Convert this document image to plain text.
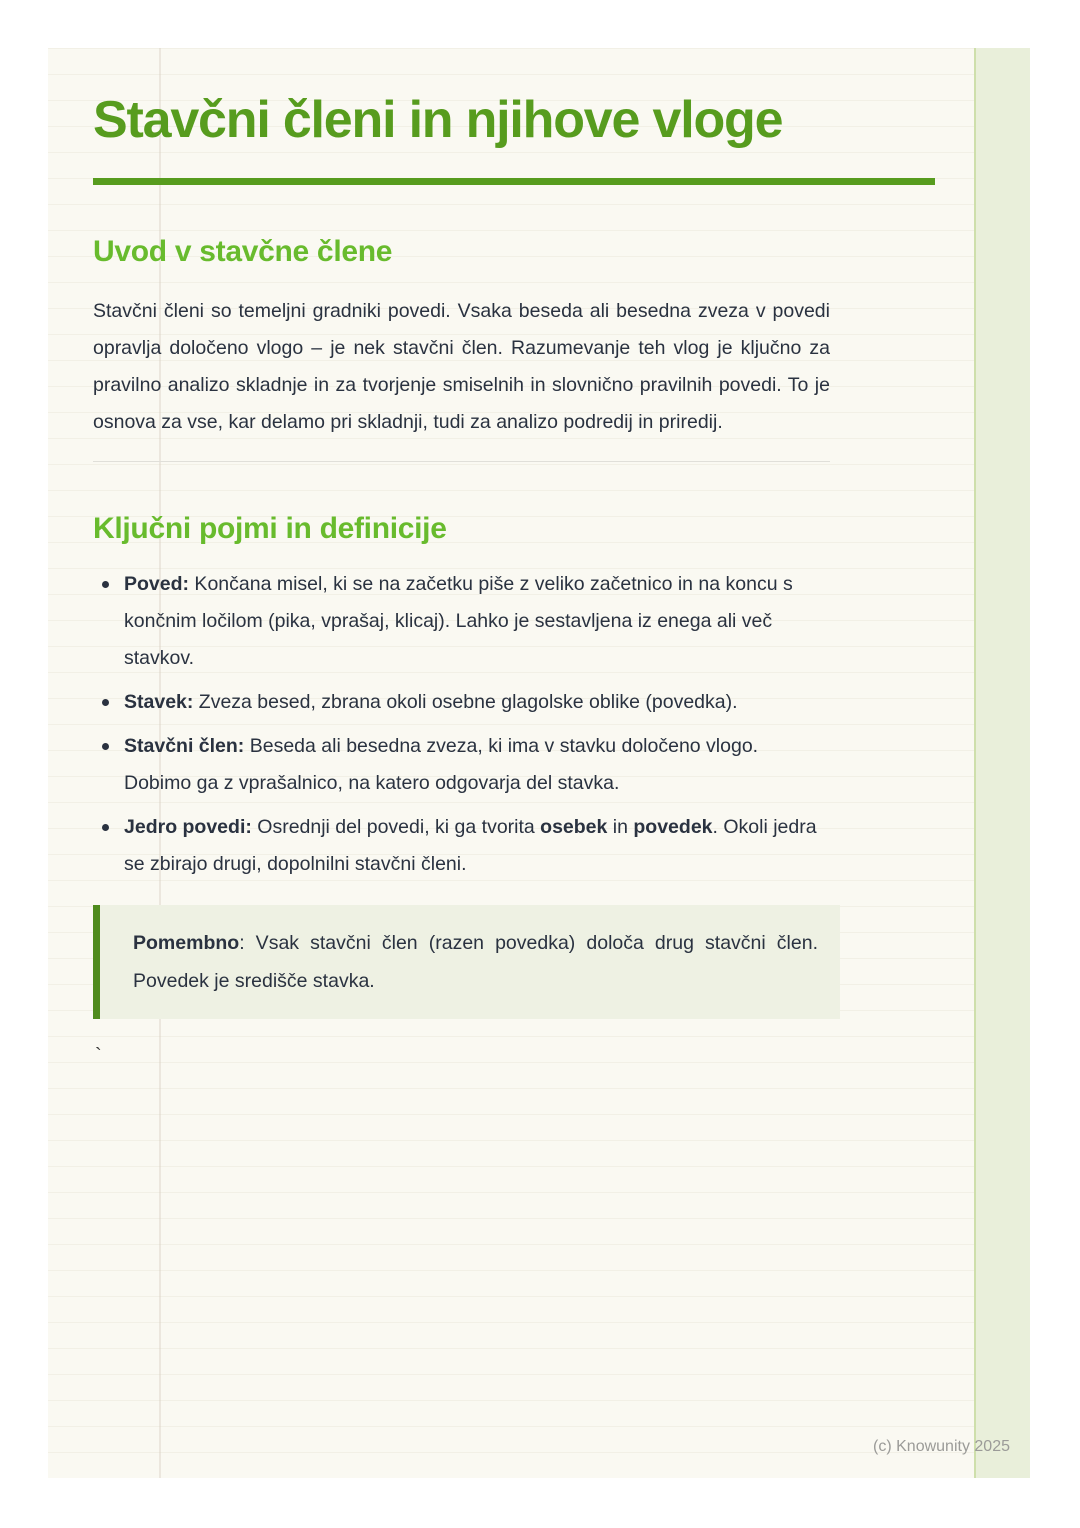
Stavčni členi in njihove vloge
Uvod v stavčne člene

Stavčni členi so temeljni gradniki povedi. Vsaka beseda ali besedna zveza v povedi opravlja določeno vlogo – je nek stavčni člen. Razumevanje teh vlog je ključno za pravilno analizo skladnje in za tvorjenje smiselnih in slovnično pravilnih povedi. To je osnova za vse, kar delamo pri skladnji, tudi za analizo podredij in priredij.

Ključni pojmi in definicije
Poved: Končana misel, ki se na začetku piše z veliko začetnico in na koncu s končnim ločilom (pika, vprašaj, klicaj). Lahko je sestavljena iz enega ali več stavkov.
Stavek: Zveza besed, zbrana okoli osebne glagolske oblike (povedka).
Stavčni člen: Beseda ali besedna zveza, ki ima v stavku določeno vlogo. Dobimo ga z vprašalnico, na katero odgovarja del stavka.
Jedro povedi: Osrednji del povedi, ki ga tvorita osebek in povedek. Okoli jedra se zbirajo drugi, dopolnilni stavčni členi.
Pomembno: Vsak stavčni člen (razen povedka) določa drug stavčni člen. Povedek je središče stavka.
`
(c) Knowunity 2025
